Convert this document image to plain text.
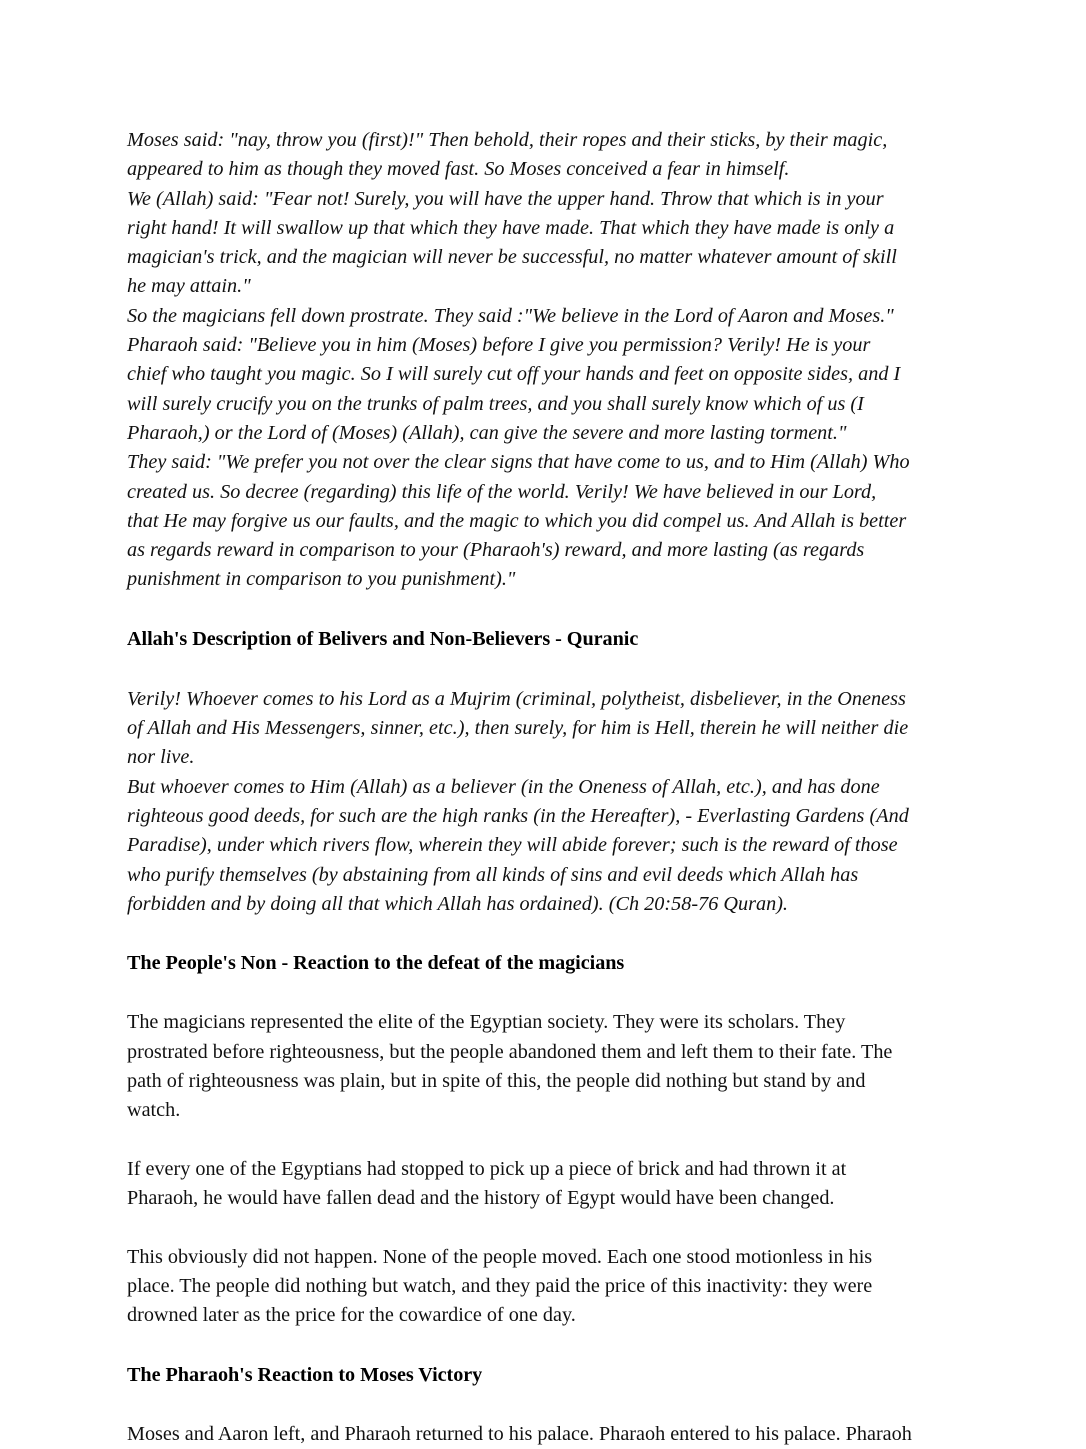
Moses said: "nay, throw you (first)!" Then behold, their ropes and their sticks, by their magic,
appeared to him as though they moved fast. So Moses conceived a fear in himself.
We (Allah) said: "Fear not! Surely, you will have the upper hand. Throw that which is in your
right hand! It will swallow up that which they have made. That which they have made is only a
magician's trick, and the magician will never be successful, no matter whatever amount of skill
he may attain."
So the magicians fell down prostrate. They said :"We believe in the Lord of Aaron and Moses."
Pharaoh said: "Believe you in him (Moses) before I give you permission? Verily! He is your
chief who taught you magic. So I will surely cut off your hands and feet on opposite sides, and I
will surely crucify you on the trunks of palm trees, and you shall surely know which of us (I
Pharaoh,) or the Lord of (Moses) (Allah), can give the severe and more lasting torment."
They said: "We prefer you not over the clear signs that have come to us, and to Him (Allah) Who
created us. So decree (regarding) this life of the world. Verily! We have believed in our Lord,
that He may forgive us our faults, and the magic to which you did compel us. And Allah is better
as regards reward in comparison to your (Pharaoh's) reward, and more lasting (as regards
punishment in comparison to you punishment)."
Allah's Description of Belivers and Non-Believers - Quranic
Verily! Whoever comes to his Lord as a Mujrim (criminal, polytheist, disbeliever, in the Oneness
of Allah and His Messengers, sinner, etc.), then surely, for him is Hell, therein he will neither die
nor live.
But whoever comes to Him (Allah) as a believer (in the Oneness of Allah, etc.), and has done
righteous good deeds, for such are the high ranks (in the Hereafter), - Everlasting Gardens (And
Paradise), under which rivers flow, wherein they will abide forever; such is the reward of those
who purify themselves (by abstaining from all kinds of sins and evil deeds which Allah has
forbidden and by doing all that which Allah has ordained). (Ch 20:58-76 Quran).
The People's Non - Reaction to the defeat of the magicians

The magicians represented the elite of the Egyptian society. They were its scholars. They
prostrated before righteousness, but the people abandoned them and left them to their fate. The
path of righteousness was plain, but in spite of this, the people did nothing but stand by and
watch.

If every one of the Egyptians had stopped to pick up a piece of brick and had thrown it at
Pharaoh, he would have fallen dead and the history of Egypt would have been changed.

This obviously did not happen. None of the people moved. Each one stood motionless in his
place. The people did nothing but watch, and they paid the price of this inactivity: they were
drowned later as the price for the cowardice of one day.

The Pharaoh's Reaction to Moses Victory

Moses and Aaron left, and Pharaoh returned to his palace. Pharaoh entered to his palace. Pharaoh
